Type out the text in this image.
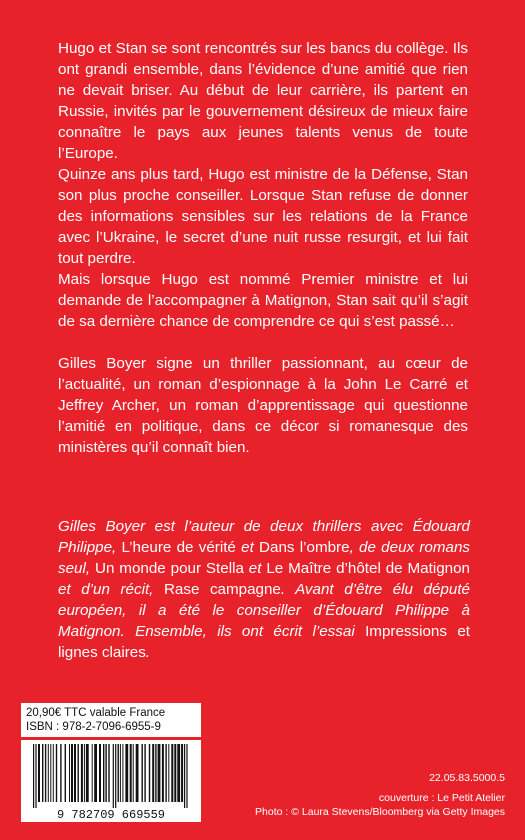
Hugo et Stan se sont rencontrés sur les bancs du collège. Ils ont grandi ensemble, dans l’évidence d’une amitié que rien ne devait briser. Au début de leur carrière, ils partent en Russie, invités par le gouvernement désireux de mieux faire connaître le pays aux jeunes talents venus de toute l’Europe.

Quinze ans plus tard, Hugo est ministre de la Défense, Stan son plus proche conseiller. Lorsque Stan refuse de donner des informations sensibles sur les relations de la France avec l’Ukraine, le secret d’une nuit russe resurgit, et lui fait tout perdre.

Mais lorsque Hugo est nommé Premier ministre et lui demande de l’accompagner à Matignon, Stan sait qu’il s’agit de sa dernière chance de comprendre ce qui s’est passé…

Gilles Boyer signe un thriller passionnant, au cœur de l’actualité, un roman d’espionnage à la John Le Carré et Jeffrey Archer, un roman d’apprentissage qui questionne l’amitié en politique, dans ce décor si romanesque des ministères qu’il connaît bien.

Gilles Boyer est l’auteur de deux thrillers avec Édouard Philippe, L’heure de vérité et Dans l’ombre, de deux romans seul, Un monde pour Stella et Le Maître d’hôtel de Matignon et d’un récit, Rase campagne. Avant d’être élu député européen, il a été le conseiller d’Édouard Philippe à Matignon. Ensemble, ils ont écrit l’essai Impressions et lignes claires.

20,90€ TTC valable France
ISBN : 978-2-7096-6955-9
9 782709 669559
22.05.83.5000.5
couverture : Le Petit Atelier
Photo : © Laura Stevens/Bloomberg via Getty Images
